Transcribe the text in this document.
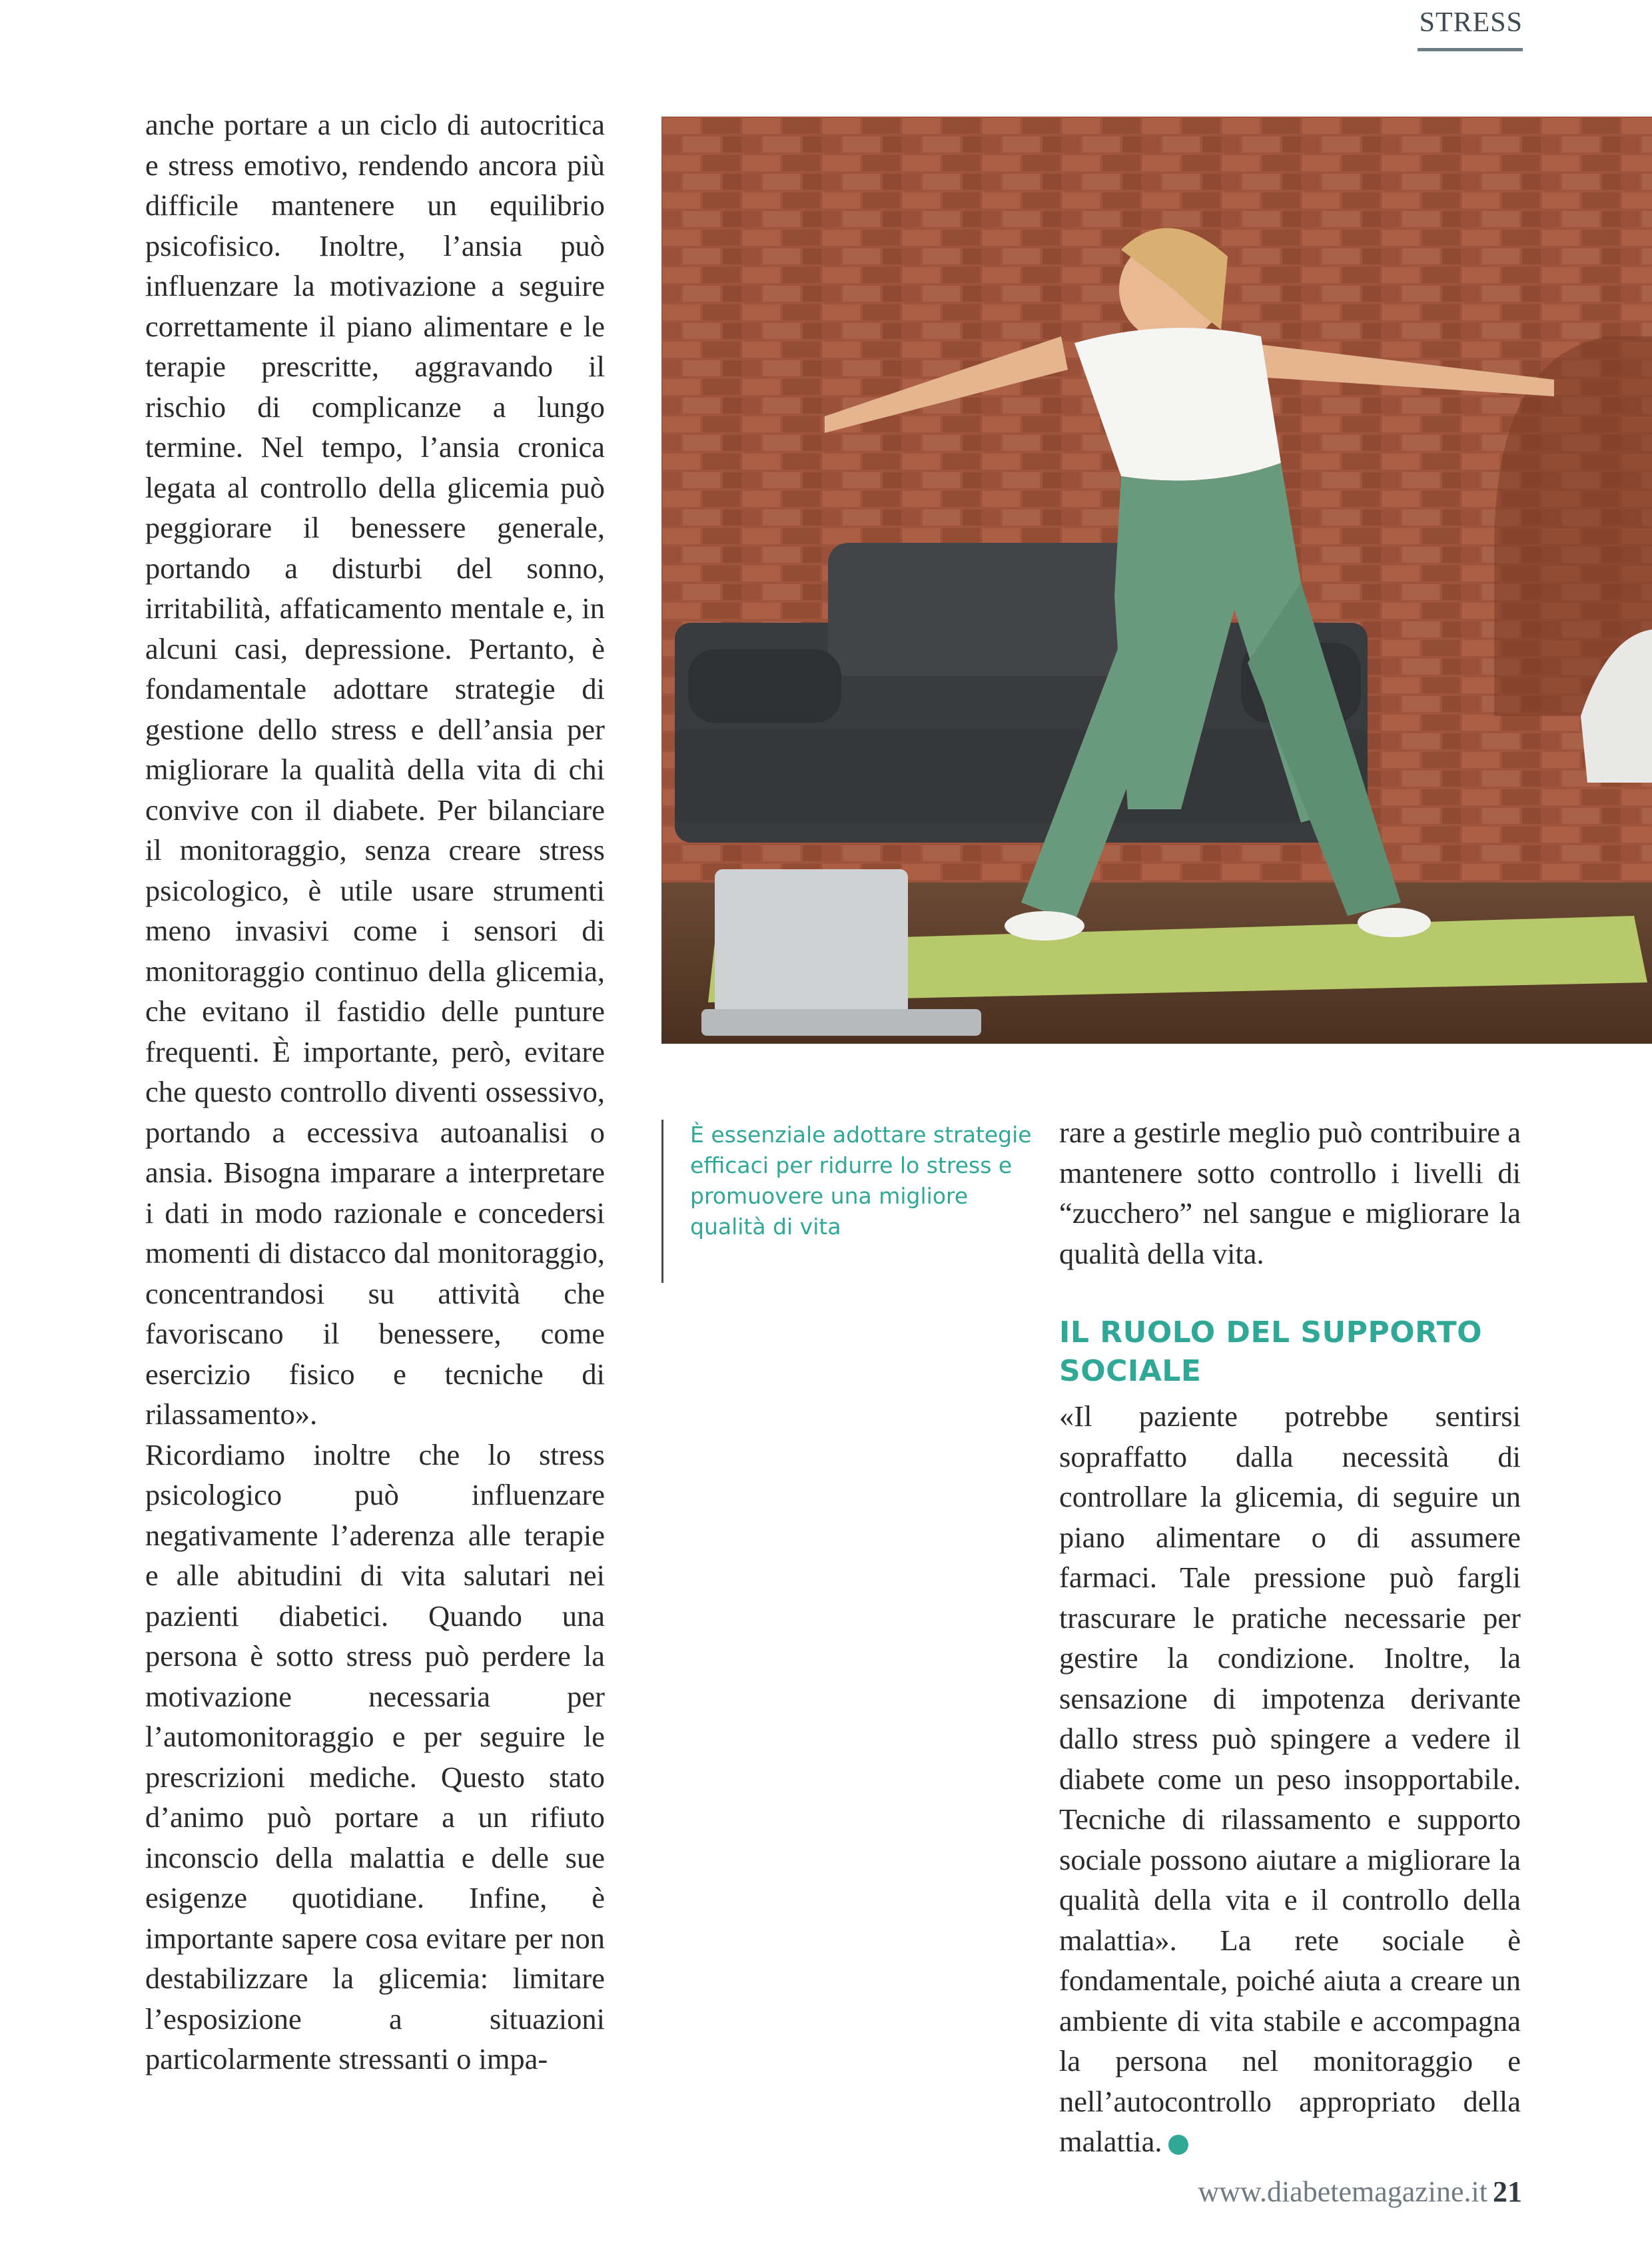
STRESS

anche portare a un ciclo di autocritica e stress emotivo, rendendo ancora più difficile mantenere un equilibrio psicofisico. Inoltre, l’ansia può influenzare la motivazione a seguire correttamente il piano alimentare e le terapie prescritte, aggravando il rischio di complicanze a lungo termine. Nel tempo, l’ansia cronica legata al controllo della glicemia può peggiorare il benessere generale, portando a disturbi del sonno, irritabilità, affaticamento mentale e, in alcuni casi, depressione. Pertanto, è fondamentale adottare strategie di gestione dello stress e dell’ansia per migliorare la qualità della vita di chi convive con il diabete. Per bilanciare il monitoraggio, senza creare stress psicologico, è utile usare strumenti meno invasivi come i sensori di monitoraggio continuo della glicemia, che evitano il fastidio delle punture frequenti. È importante, però, evitare che questo controllo diventi ossessivo, portando a eccessiva autoanalisi o ansia. Bisogna imparare a interpretare i dati in modo razionale e concedersi momenti di distacco dal monitoraggio, concentrandosi su attività che favoriscano il benessere, come esercizio fisico e tecniche di rilassamento».

Ricordiamo inoltre che lo stress psicologico può influenzare negativamente l’aderenza alle terapie e alle abitudini di vita salutari nei pazienti diabetici. Quando una persona è sotto stress può perdere la motivazione necessaria per l’automonitoraggio e per seguire le prescrizioni mediche. Questo stato d’animo può portare a un rifiuto inconscio della malattia e delle sue esigenze quotidiane. Infine, è importante sapere cosa evitare per non destabilizzare la glicemia: limitare l’esposizione a situazioni particolarmente stressanti o impa-

È essenziale adottare strategie efficaci per ridurre lo stress e promuovere una migliore qualità di vita

rare a gestirle meglio può contribuire a mantenere sotto controllo i livelli di “zucchero” nel sangue e migliorare la qualità della vita.

IL RUOLO DEL SUPPORTO SOCIALE

«Il paziente potrebbe sentirsi sopraffatto dalla necessità di controllare la glicemia, di seguire un piano alimentare o di assumere farmaci. Tale pressione può fargli trascurare le pratiche necessarie per gestire la condizione. Inoltre, la sensazione di impotenza derivante dallo stress può spingere a vedere il diabete come un peso insopportabile. Tecniche di rilassamento e supporto sociale possono aiutare a migliorare la qualità della vita e il controllo della malattia». La rete sociale è fondamentale, poiché aiuta a creare un ambiente di vita stabile e accompagna la persona nel monitoraggio e nell’autocontrollo appropriato della malattia.

www.diabetemagazine.it 21
